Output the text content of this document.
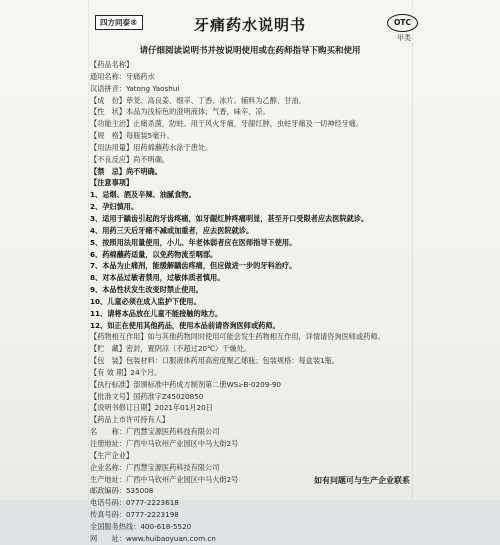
四方同泰®	牙痛药水说明书	OTC
甲类
请仔细阅读说明书并按说明使用或在药师指导下购买和使用
【药品名称】
通用名称：牙痛药水
汉语拼音：Yatong Yaoshui
【成　份】荜茇、高良姜、细辛、丁香、冰片。辅料为乙醇、甘油。
【性　状】本品为浅棕色的澄明液体；气香，味辛、凉。
【功能主治】止痛杀菌，防蛀。用于风火牙痛，牙龈红肿，虫蛀牙痛及一切神经牙痛。
【规　格】每瓶装5毫升。
【用法用量】用药棉蘸药水涂于患处。
【不良反应】尚不明确。
【禁　忌】尚不明确。
【注意事项】
1、忌烟、酒及辛辣、油腻食物。
2、孕妇慎用。
3、适用于龋齿引起的牙齿疼痛，如牙龈红肿疼痛明显，甚至开口受限者应去医院就诊。
4、用药三天后牙痛不减或加重者，应去医院就诊。
5、按照用法用量使用，小儿、年老体弱者应在医师指导下使用。
6、药棉蘸药适量，以免药物流至咽部。
7、本品为止痛剂，能缓解龋齿疼痛，但应做进一步的牙科治疗。
8、对本品过敏者禁用，过敏体质者慎用。
9、本品性状发生改变时禁止使用。
10、儿童必须在成人监护下使用。
11、请将本品放在儿童不能接触的地方。
12、如正在使用其他药品，使用本品前请咨询医师或药师。
【药物相互作用】如与其他药物同时使用可能会发生药物相互作用，详情请咨询医师或药师。
【贮　藏】密封，置阴凉（不超过20℃）干燥处。
【包　装】包装材料：口服液体药用高密度聚乙烯瓶；包装规格：每盒装1瓶。
【有 效 期】24个月。
【执行标准】部颁标准中药成方制剂第二册WS₃-B-0209-90
【批准文号】国药准字Z45020850
【说明书修订日期】2021年01月20日
【药品上市许可持有人】
名　　称：广西慧宝源医药科技有限公司
注册地址：广西中马钦州产业园区中马大街2号
【生产企业】
企业名称：广西慧宝源医药科技有限公司
生产地址：广西中马钦州产业园区中马大街2号
邮政编码：535008
电话号码：0777-2223618
传真号码：0777-2223198
全国服务热线：400-618-5520
网　　址：www.huibaoyuan.com.cn
如有问题可与生产企业联系
